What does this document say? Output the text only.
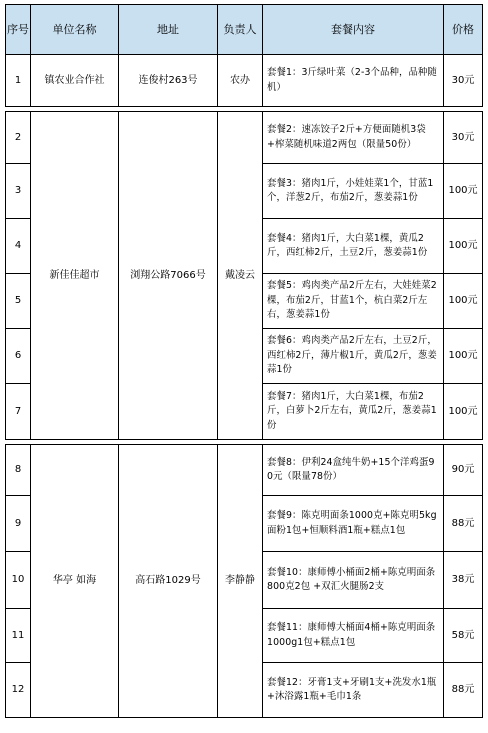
序号	单位名称	地址	负责人	套餐内容	价格
1	镇农业合作社	连俊村263号	农办	套餐1：3斤绿叶菜（2-3个品种，品种随机）	30元

2	新佳佳超市	浏翔公路7066号	戴凌云	套餐2：速冻饺子2斤+方便面随机3袋+榨菜随机味道2两包（限量50份）	30元
3				套餐3：猪肉1斤，小娃娃菜1个，甘蓝1个，洋葱2斤，布茄2斤，葱姜蒜1份	100元
4				套餐4：猪肉1斤，大白菜1棵，黄瓜2斤，西红柿2斤，土豆2斤，葱姜蒜1份	100元
5				套餐5：鸡肉类产品2斤左右，大娃娃菜2棵，布茄2斤，甘蓝1个，杭白菜2斤左右，葱姜蒜1份	100元
6				套餐6：鸡肉类产品2斤左右，土豆2斤，西红柿2斤，薄片椒1斤，黄瓜2斤，葱姜蒜1份	100元
7				套餐7：猪肉1斤，大白菜1棵，布茄2斤，白萝卜2斤左右，黄瓜2斤，葱姜蒜1份	100元

8	华亭 如海	高石路1029号	李静静	套餐8：伊利24盒纯牛奶+15个洋鸡蛋90元（限量78份）	90元
9				套餐9：陈克明面条1000克+陈克明5kg面粉1包+恒顺料酒1瓶+糕点1包	88元
10				套餐10：康师傅小桶面2桶+陈克明面条800克2包 +双汇火腿肠2支	38元
11				套餐11：康师傅大桶面4桶+陈克明面条1000g1包+糕点1包	58元
12				套餐12：牙膏1支+牙刷1支+洗发水1瓶+沐浴露1瓶+毛巾1条	88元
